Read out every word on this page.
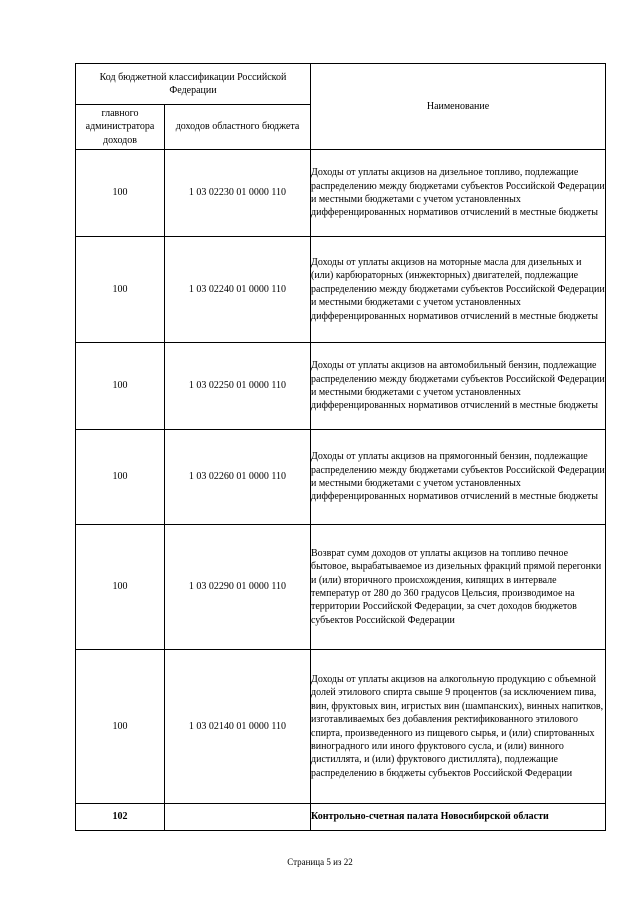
Код бюджетной классификации Российской Федерации		Наименование
главного администратора доходов	доходов областного бюджета	
100	1 03 02230 01 0000 110	Доходы от уплаты акцизов на дизельное топливо, подлежащие распределению между бюджетами субъектов Российской Федерации и местными бюджетами с учетом установленных дифференцированных нормативов отчислений в местные бюджеты
100	1 03 02240 01 0000 110	Доходы от уплаты акцизов на моторные масла для дизельных и (или) карбюраторных (инжекторных) двигателей, подлежащие распределению между бюджетами субъектов Российской Федерации и местными бюджетами с учетом установленных дифференцированных нормативов отчислений в местные бюджеты
100	1 03 02250 01 0000 110	Доходы от уплаты акцизов на автомобильный бензин, подлежащие распределению между бюджетами субъектов Российской Федерации и местными бюджетами с учетом установленных дифференцированных нормативов отчислений в местные бюджеты
100	1 03 02260 01 0000 110	Доходы от уплаты акцизов на прямогонный бензин, подлежащие распределению между бюджетами субъектов Российской Федерации и местными бюджетами с учетом установленных дифференцированных нормативов отчислений в местные бюджеты
100	1 03 02290 01 0000 110	Возврат сумм доходов от уплаты акцизов на топливо печное бытовое, вырабатываемое из дизельных фракций прямой перегонки и (или) вторичного происхождения, кипящих в интервале температур от 280 до 360 градусов Цельсия, производимое на территории Российской Федерации, за счет доходов бюджетов субъектов Российской Федерации
100	1 03 02140 01 0000 110	Доходы от уплаты акцизов на алкогольную продукцию с объемной долей этилового спирта свыше 9 процентов (за исключением пива, вин, фруктовых вин, игристых вин (шампанских), винных напитков, изготавливаемых без добавления ректификованного этилового спирта, произведенного из пищевого сырья, и (или) спиртованных виноградного или иного фруктового сусла, и (или) винного дистиллята, и (или) фруктового дистиллята), подлежащие распределению в бюджеты субъектов Российской Федерации
102		Контрольно-счетная палата Новосибирской области
Страница 5 из 22
